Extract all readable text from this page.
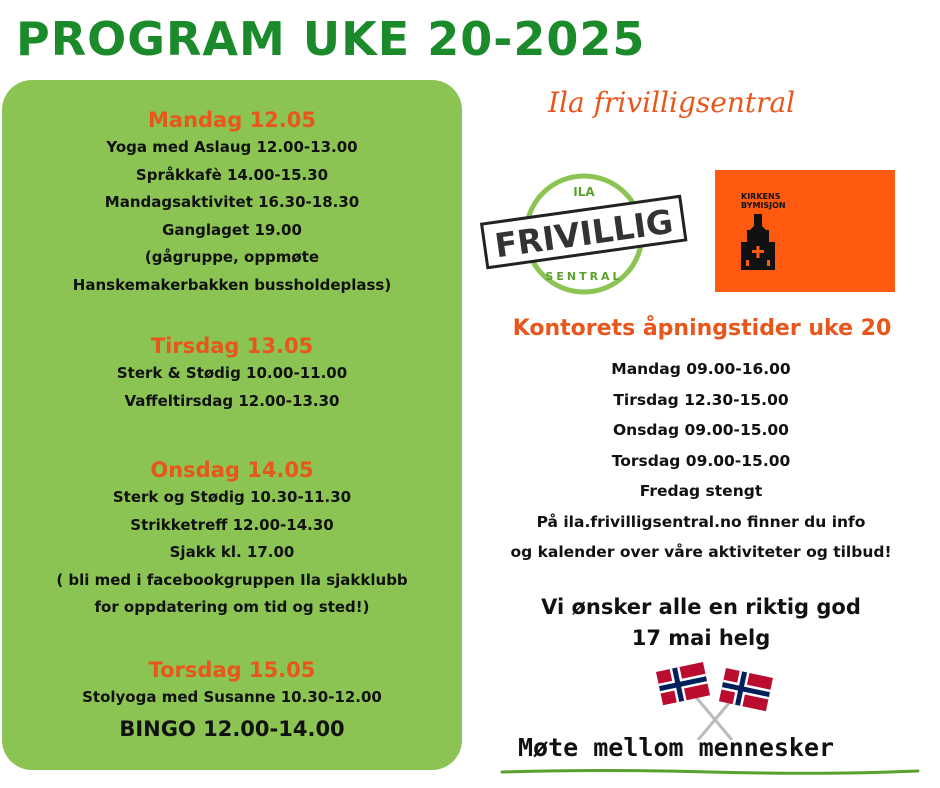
PROGRAM UKE 20-2025
Mandag 12.05
Yoga med Aslaug 12.00-13.00
Språkkafè 14.00-15.30
Mandagsaktivitet 16.30-18.30
Ganglaget 19.00
(gågruppe, oppmøte
Hanskemakerbakken bussholdeplass)
Tirsdag 13.05
Sterk & Stødig 10.00-11.00
Vaffeltirsdag 12.00-13.30
Onsdag 14.05
Sterk og Stødig 10.30-11.30
Strikketreff 12.00-14.30
Sjakk kl. 17.00
( bli med i facebookgruppen Ila sjakklubb
for oppdatering om tid og sted!)
Torsdag 15.05
Stolyoga med Susanne 10.30-12.00
BINGO 12.00-14.00
Ila frivilligsentral
ILA
FRIVILLIG
SENTRAL
KIRKENS
BYMISJON
Kontorets åpningstider uke 20
Mandag 09.00-16.00
Tirsdag 12.30-15.00
Onsdag 09.00-15.00
Torsdag 09.00-15.00
Fredag stengt
På ila.frivilligsentral.no finner du info
og kalender over våre aktiviteter og tilbud!
Vi ønsker alle en riktig god
17 mai helg
Møte mellom mennesker
